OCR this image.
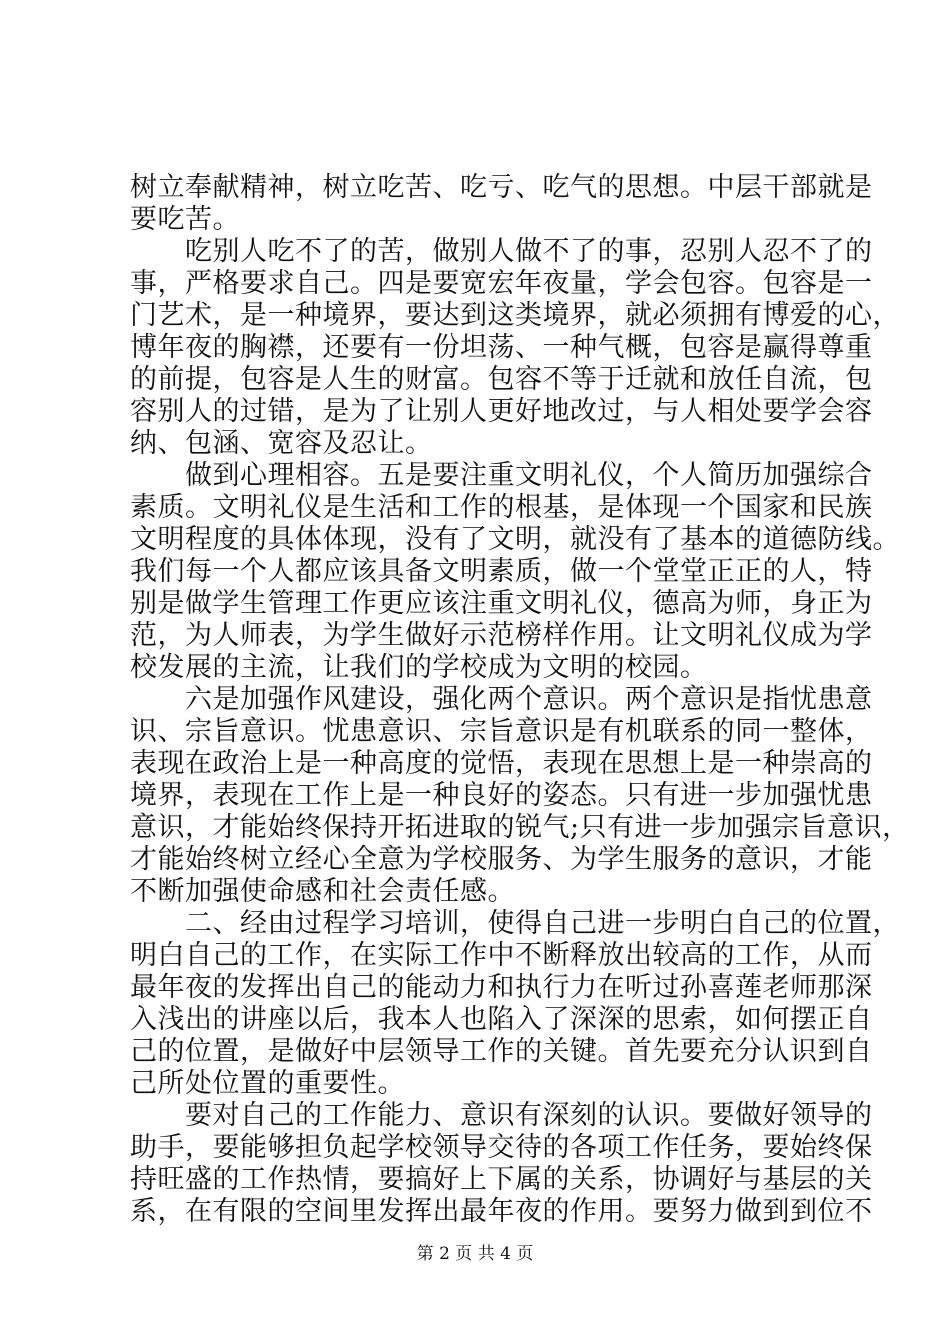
树立奉献精神，树立吃苦、吃亏、吃气的思想。中层干部就是
要吃苦。
　　吃别人吃不了的苦，做别人做不了的事，忍别人忍不了的
事，严格要求自己。四是要宽宏年夜量，学会包容。包容是一
门艺术，是一种境界，要达到这类境界，就必须拥有博爱的心，
博年夜的胸襟，还要有一份坦荡、一种气概，包容是赢得尊重
的前提，包容是人生的财富。包容不等于迁就和放任自流，包
容别人的过错，是为了让别人更好地改过，与人相处要学会容
纳、包涵、宽容及忍让。
　　做到心理相容。五是要注重文明礼仪，个人简历加强综合
素质。文明礼仪是生活和工作的根基，是体现一个国家和民族
文明程度的具体体现，没有了文明，就没有了基本的道德防线。
我们每一个人都应该具备文明素质，做一个堂堂正正的人，特
别是做学生管理工作更应该注重文明礼仪，德高为师，身正为
范，为人师表，为学生做好示范榜样作用。让文明礼仪成为学
校发展的主流，让我们的学校成为文明的校园。
　　六是加强作风建设，强化两个意识。两个意识是指忧患意
识、宗旨意识。忧患意识、宗旨意识是有机联系的同一整体，
表现在政治上是一种高度的觉悟，表现在思想上是一种崇高的
境界，表现在工作上是一种良好的姿态。只有进一步加强忧患
意识，才能始终保持开拓进取的锐气;只有进一步加强宗旨意识，
才能始终树立经心全意为学校服务、为学生服务的意识，才能
不断加强使命感和社会责任感。
　　二、经由过程学习培训，使得自己进一步明白自己的位置，
明白自己的工作，在实际工作中不断释放出较高的工作，从而
最年夜的发挥出自己的能动力和执行力在听过孙喜莲老师那深
入浅出的讲座以后，我本人也陷入了深深的思索，如何摆正自
己的位置，是做好中层领导工作的关键。首先要充分认识到自
己所处位置的重要性。
　　要对自己的工作能力、意识有深刻的认识。要做好领导的
助手，要能够担负起学校领导交待的各项工作任务，要始终保
持旺盛的工作热情，要搞好上下属的关系，协调好与基层的关
系，在有限的空间里发挥出最年夜的作用。要努力做到到位不
第 2 页 共 4 页
